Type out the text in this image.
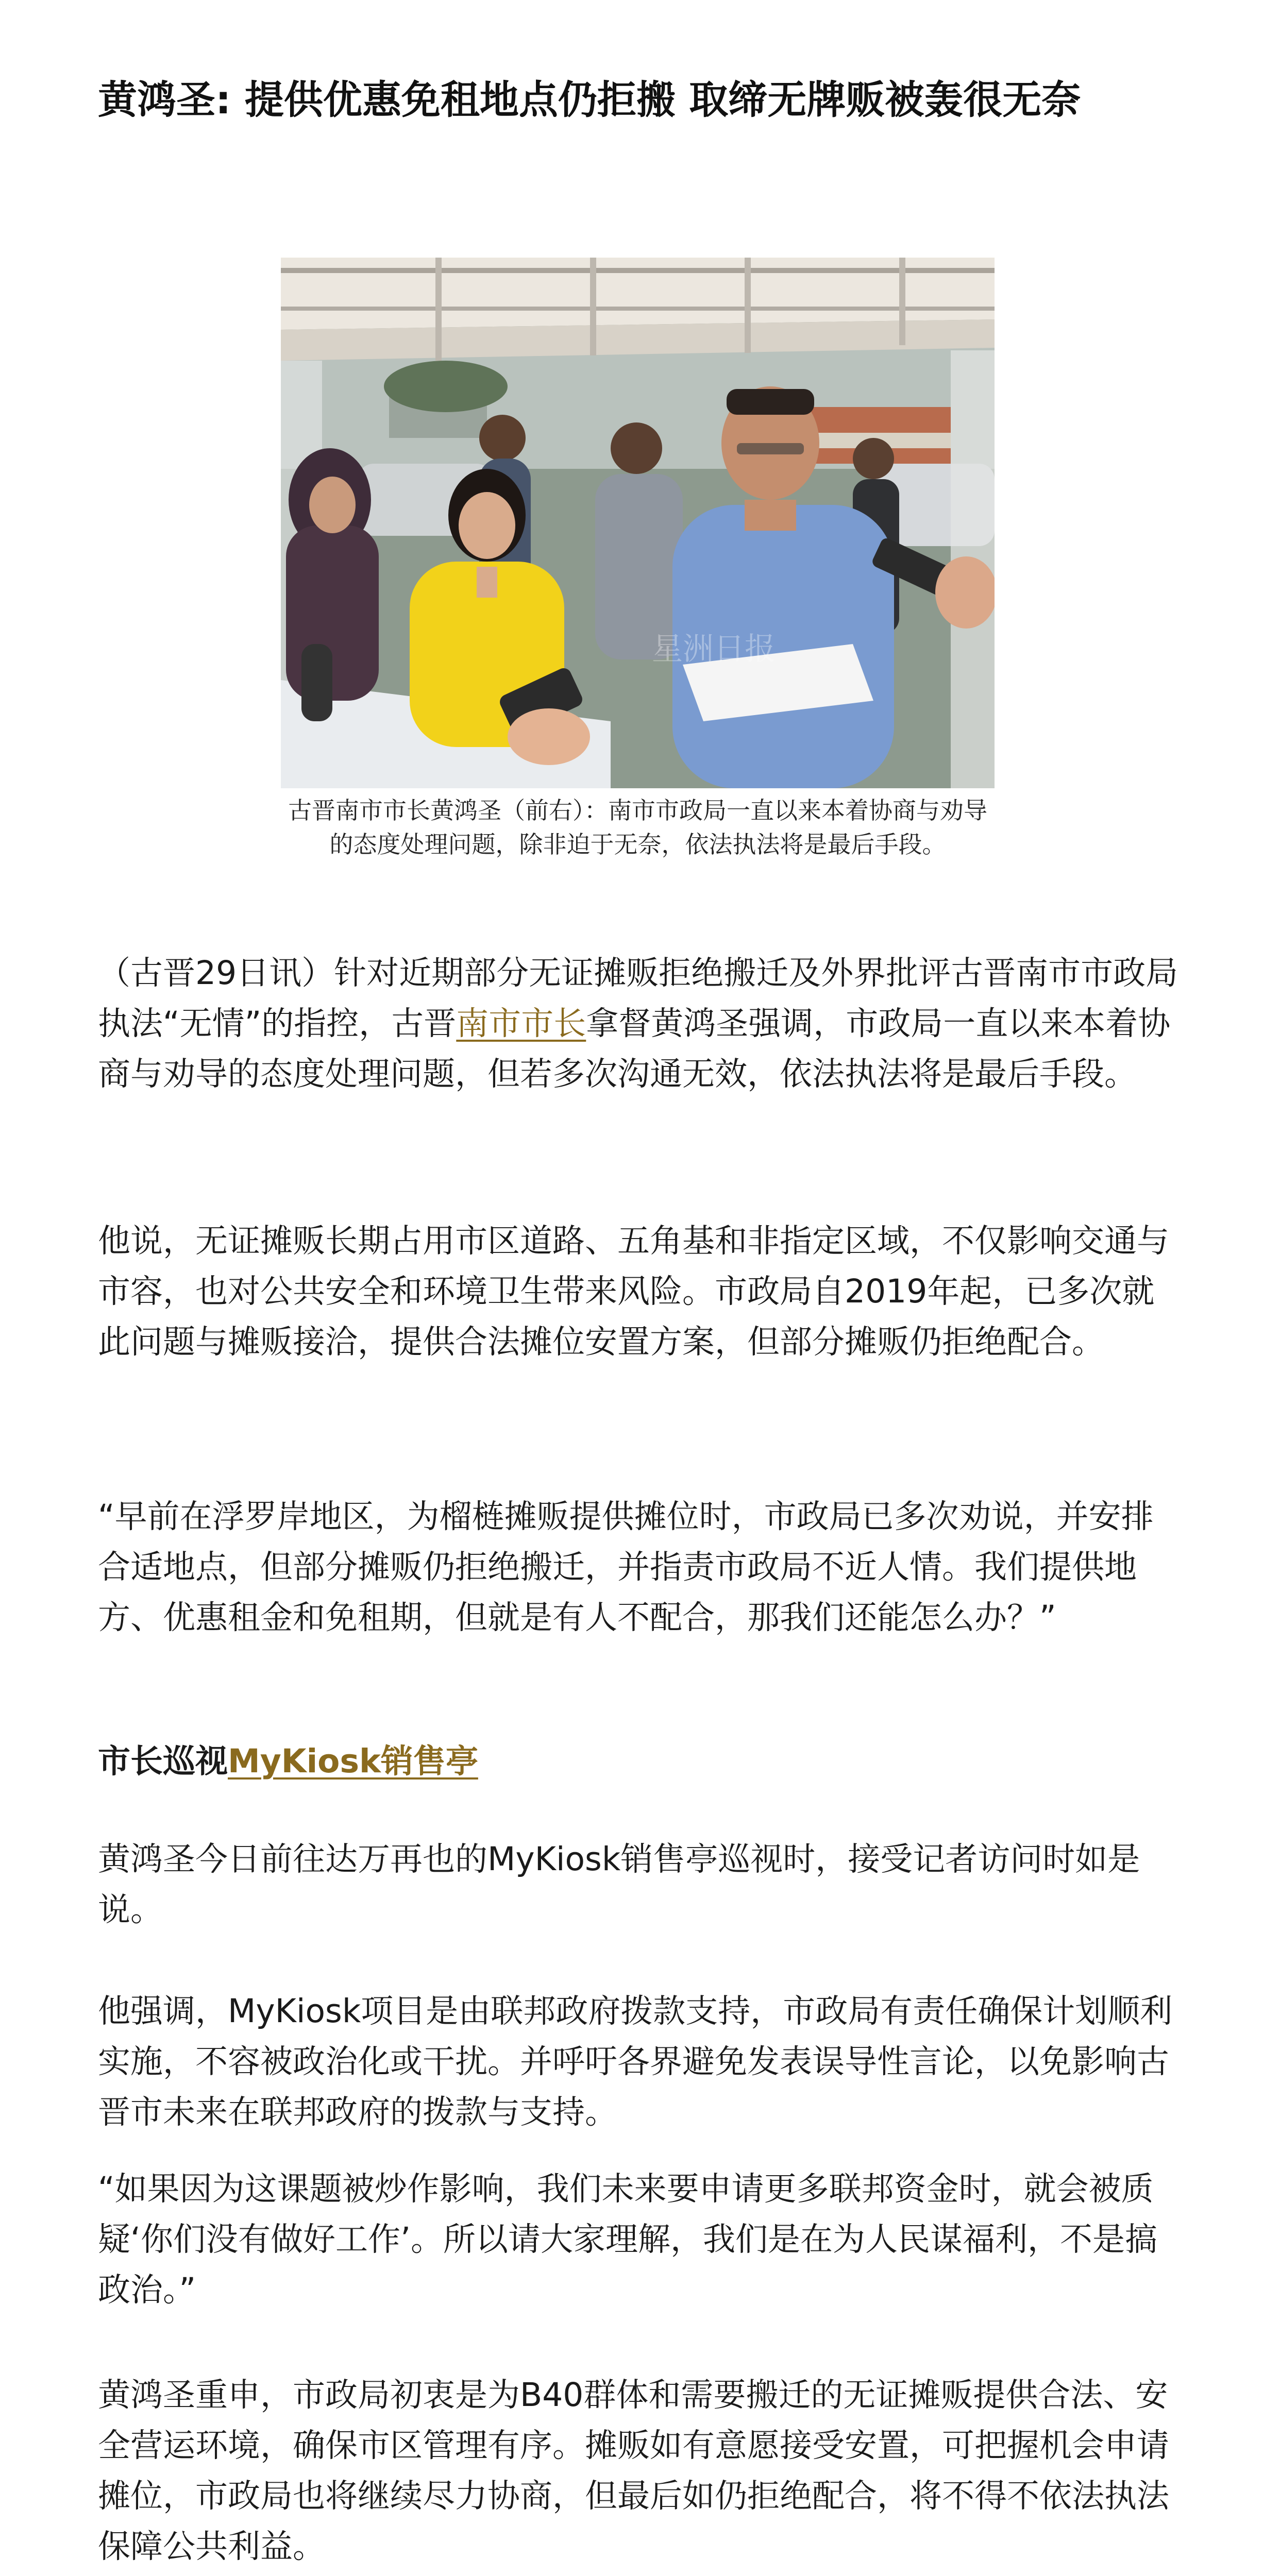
黄鸿圣: 提供优惠免租地点仍拒搬 取缔无牌贩被轰很无奈
星洲日报

古晋南市市长黄鸿圣（前右）：南市市政局一直以来本着协商与劝导的态度处理问题，除非迫于无奈，依法执法将是最后手段。

（古晋29日讯）针对近期部分无证摊贩拒绝搬迁及外界批评古晋南市市政局执法“无情”的指控，古晋南市市长拿督黄鸿圣强调，市政局一直以来本着协商与劝导的态度处理问题，但若多次沟通无效，依法执法将是最后手段。

他说，无证摊贩长期占用市区道路、五角基和非指定区域，不仅影响交通与市容，也对公共安全和环境卫生带来风险。市政局自2019年起，已多次就此问题与摊贩接洽，提供合法摊位安置方案，但部分摊贩仍拒绝配合。

“早前在浮罗岸地区，为榴梿摊贩提供摊位时，市政局已多次劝说，并安排合适地点，但部分摊贩仍拒绝搬迁，并指责市政局不近人情。我们提供地方、优惠租金和免租期，但就是有人不配合，那我们还能怎么办？”

市长巡视MyKiosk销售亭

黄鸿圣今日前往达万再也的MyKiosk销售亭巡视时，接受记者访问时如是说。

他强调，MyKiosk项目是由联邦政府拨款支持，市政局有责任确保计划顺利实施，不容被政治化或干扰。并呼吁各界避免发表误导性言论，以免影响古晋市未来在联邦政府的拨款与支持。

“如果因为这课题被炒作影响，我们未来要申请更多联邦资金时，就会被质疑‘你们没有做好工作’。所以请大家理解，我们是在为人民谋福利，不是搞政治。”

黄鸿圣重申，市政局初衷是为B40群体和需要搬迁的无证摊贩提供合法、安全营运环境，确保市区管理有序。摊贩如有意愿接受安置，可把握机会申请摊位，市政局也将继续尽力协商，但最后如仍拒绝配合，将不得不依法执法保障公共利益。
